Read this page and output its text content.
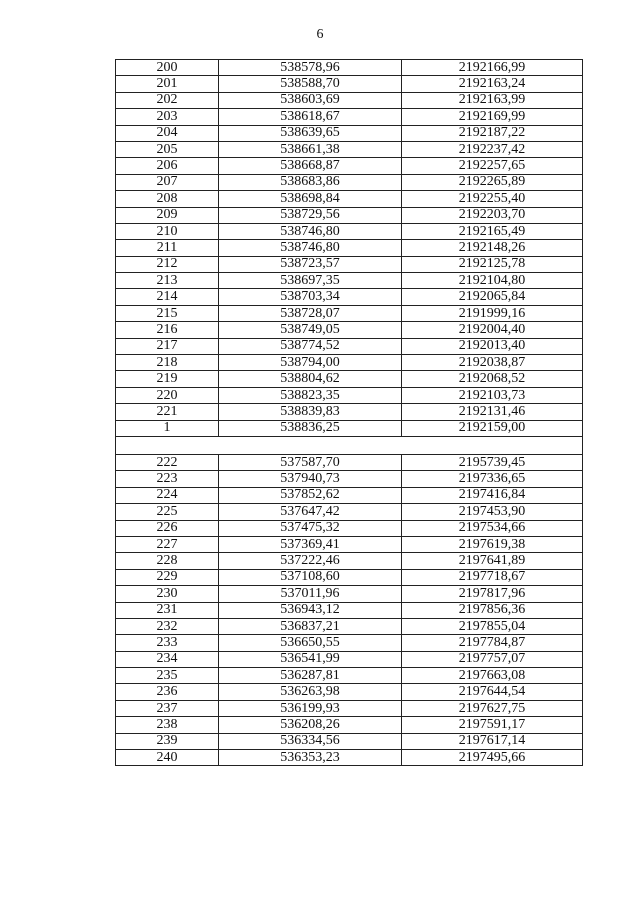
6
200	538578,96	2192166,99
201	538588,70	2192163,24
202	538603,69	2192163,99
203	538618,67	2192169,99
204	538639,65	2192187,22
205	538661,38	2192237,42
206	538668,87	2192257,65
207	538683,86	2192265,89
208	538698,84	2192255,40
209	538729,56	2192203,70
210	538746,80	2192165,49
211	538746,80	2192148,26
212	538723,57	2192125,78
213	538697,35	2192104,80
214	538703,34	2192065,84
215	538728,07	2191999,16
216	538749,05	2192004,40
217	538774,52	2192013,40
218	538794,00	2192038,87
219	538804,62	2192068,52
220	538823,35	2192103,73
221	538839,83	2192131,46
1	538836,25	2192159,00

222	537587,70	2195739,45
223	537940,73	2197336,65
224	537852,62	2197416,84
225	537647,42	2197453,90
226	537475,32	2197534,66
227	537369,41	2197619,38
228	537222,46	2197641,89
229	537108,60	2197718,67
230	537011,96	2197817,96
231	536943,12	2197856,36
232	536837,21	2197855,04
233	536650,55	2197784,87
234	536541,99	2197757,07
235	536287,81	2197663,08
236	536263,98	2197644,54
237	536199,93	2197627,75
238	536208,26	2197591,17
239	536334,56	2197617,14
240	536353,23	2197495,66
